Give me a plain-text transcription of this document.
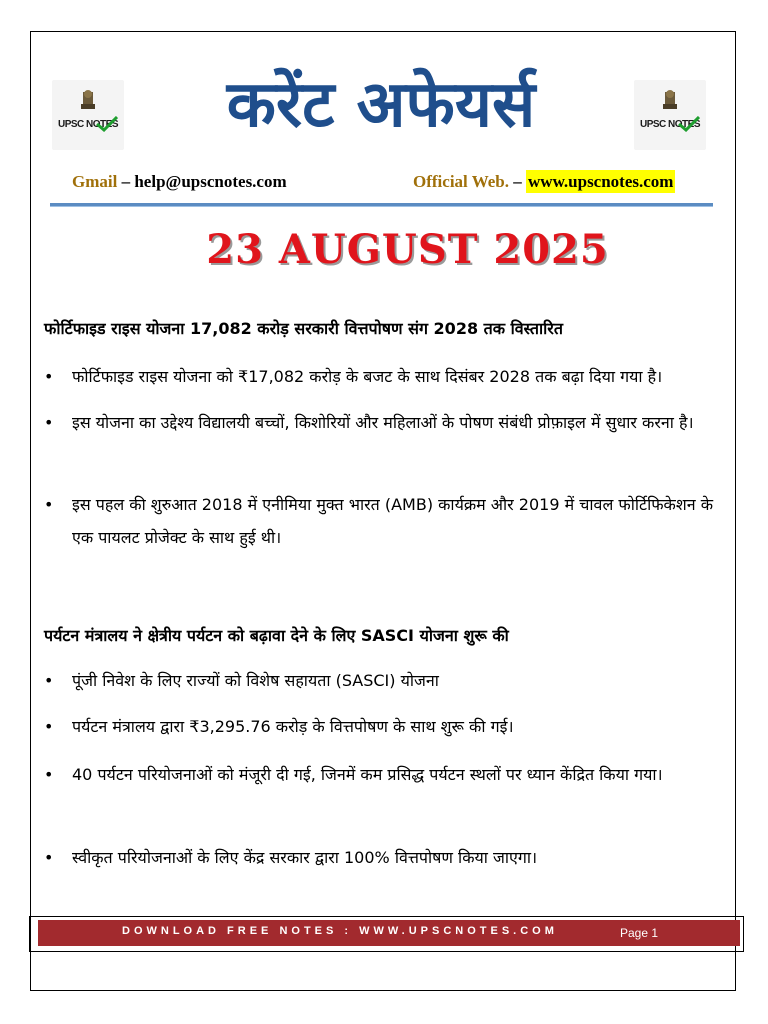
UPSC NOTES	करेंट अफेयर्स	UPSC NOTES
Gmail – help@upscnotes.com	Official Web. – www.upscnotes.com
23 AUGUST 2025
फोर्टिफाइड राइस योजना 17,082 करोड़ सरकारी वित्तपोषण संग 2028 तक विस्तारित
• फोर्टिफाइड राइस योजना को ₹17,082 करोड़ के बजट के साथ दिसंबर 2028 तक बढ़ा दिया गया है।
• इस योजना का उद्देश्य विद्यालयी बच्चों, किशोरियों और महिलाओं के पोषण संबंधी प्रोफ़ाइल में सुधार करना है।
• इस पहल की शुरुआत 2018 में एनीमिया मुक्त भारत (AMB) कार्यक्रम और 2019 में चावल फोर्टिफिकेशन के एक पायलट प्रोजेक्ट के साथ हुई थी।
पर्यटन मंत्रालय ने क्षेत्रीय पर्यटन को बढ़ावा देने के लिए SASCI योजना शुरू की
• पूंजी निवेश के लिए राज्यों को विशेष सहायता (SASCI) योजना
• पर्यटन मंत्रालय द्वारा ₹3,295.76 करोड़ के वित्तपोषण के साथ शुरू की गई।
• 40 पर्यटन परियोजनाओं को मंजूरी दी गई, जिनमें कम प्रसिद्ध पर्यटन स्थलों पर ध्यान केंद्रित किया गया।
• स्वीकृत परियोजनाओं के लिए केंद्र सरकार द्वारा 100% वित्तपोषण किया जाएगा।
DOWNLOAD FREE NOTES : WWW.UPSCNOTES.COM	Page 1
